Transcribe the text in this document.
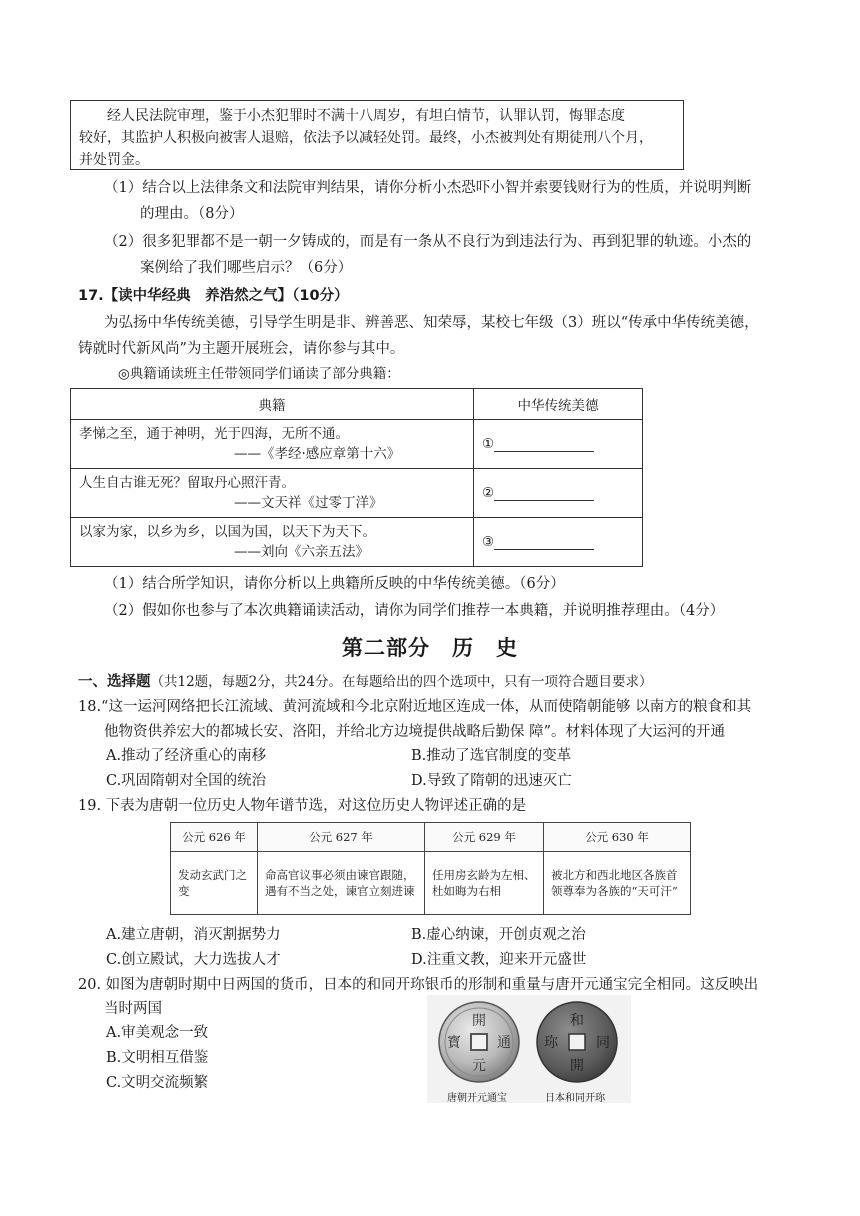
经人民法院审理，鉴于小杰犯罪时不满十八周岁，有坦白情节，认罪认罚，悔罪态度

较好，其监护人积极向被害人退赔，依法予以减轻处罚。最终，小杰被判处有期徒刑八个月，

并处罚金。

（1）结合以上法律条文和法院审判结果，请你分析小杰恐吓小智并索要钱财行为的性质，并说明判断
的理由。（8分）
（2）很多犯罪都不是一朝一夕铸成的，而是有一条从不良行为到违法行为、再到犯罪的轨迹。小杰的
案例给了我们哪些启示？（6分）
17.【读中华经典　养浩然之气】（10分）
为弘扬中华传统美德，引导学生明是非、辨善恶、知荣辱，某校七年级（3）班以“传承中华传统美德，
铸就时代新风尚”为主题开展班会，请你参与其中。
◎典籍诵读班主任带领同学们诵读了部分典籍：
典籍	中华传统美德
孝悌之至，通于神明，光于四海，无所不通。
——《孝经·感应章第十六》	①
人生自古谁无死？留取丹心照汗青。
——文天祥《过零丁洋》	②
以家为家，以乡为乡，以国为国，以天下为天下。
——刘向《六亲五法》	③
（1）结合所学知识，请你分析以上典籍所反映的中华传统美德。（6分）
（2）假如你也参与了本次典籍诵读活动，请你为同学们推荐一本典籍，并说明推荐理由。（4分）
第二部分　历　史
一、选择题（共12题，每题2分，共24分。在每题给出的四个选项中，只有一项符合题目要求）
18.“这一运河网络把长江流域、黄河流域和今北京附近地区连成一体，从而使隋朝能够 以南方的粮食和其
他物资供养宏大的都城长安、洛阳，并给北方边境提供战略后勤保 障”。材料体现了大运河的开通
A.推动了经济重心的南移	B.推动了选官制度的变革
C.巩固隋朝对全国的统治	D.导致了隋朝的迅速灭亡
19. 下表为唐朝一位历史人物年谱节选，对这位历史人物评述正确的是
公元 626 年	公元 627 年	公元 629 年	公元 630 年
发动玄武门之变	命高官议事必须由谏官跟随，遇有不当之处，谏官立刻进谏	任用房玄龄为左相、杜如晦为右相	被北方和西北地区各族首领尊奉为各族的“天可汗”
A.建立唐朝，消灭割据势力	B.虚心纳谏，开创贞观之治
C.创立殿试，大力选拔人才	D.注重文教，迎来开元盛世
20. 如图为唐朝时期中日两国的货币，日本的和同开珎银币的形制和重量与唐开元通宝完全相同。这反映出
当时两国
A.审美观念一致
B.文明相互借鉴
C.文明交流频繁
開
元
通
寳
和
同
開
珎
唐朝开元通宝	日本和同开珎
